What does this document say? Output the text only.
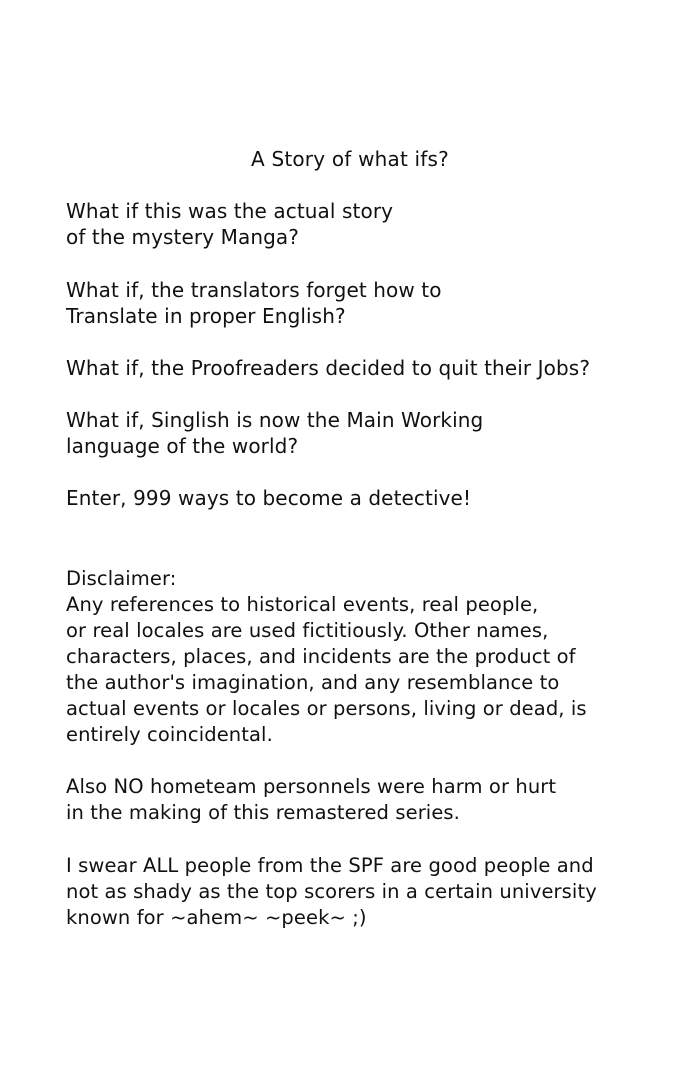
A Story of what ifs?

What if this was the actual story
of the mystery Manga?

What if, the translators forget how to
Translate in proper English?

What if, the Proofreaders decided to quit their Jobs?

What if, Singlish is now the Main Working
language of the world?

Enter, 999 ways to become a detective!

Disclaimer:
Any references to historical events, real people,
or real locales are used fictitiously. Other names,
characters, places, and incidents are the product of
the author's imagination, and any resemblance to
actual events or locales or persons, living or dead, is
entirely coincidental.

Also NO hometeam personnels were harm or hurt
in the making of this remastered series.

I swear ALL people from the SPF are good people and
not as shady as the top scorers in a certain university
known for ~ahem~ ~peek~ ;)
